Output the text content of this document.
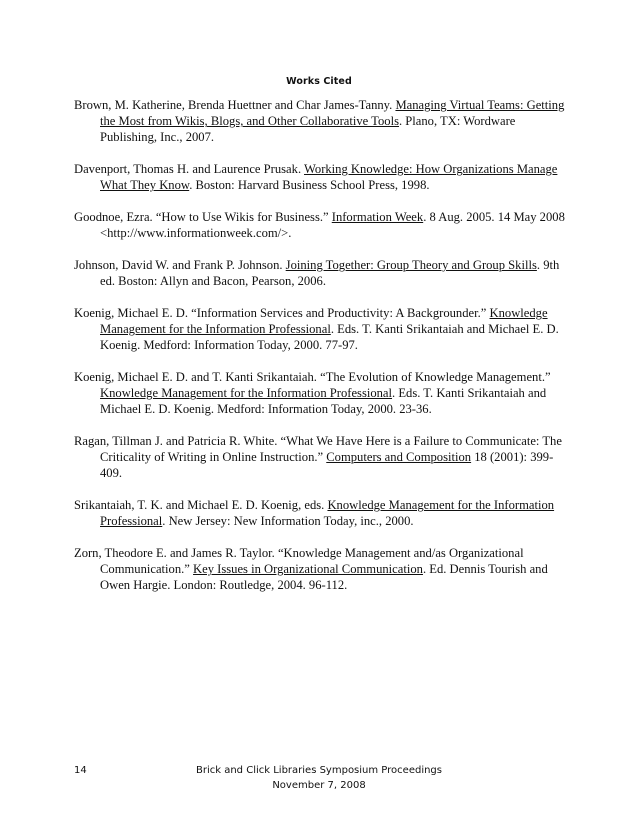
Works Cited

Brown, M. Katherine, Brenda Huettner and Char James-Tanny. Managing Virtual Teams: Getting the Most from Wikis, Blogs, and Other Collaborative Tools. Plano, TX: Wordware Publishing, Inc., 2007.

Davenport, Thomas H. and Laurence Prusak. Working Knowledge: How Organizations Manage What They Know. Boston: Harvard Business School Press, 1998.

Goodnoe, Ezra. “How to Use Wikis for Business.” Information Week. 8 Aug. 2005. 14 May 2008 <http://www.informationweek.com/>.

Johnson, David W. and Frank P. Johnson. Joining Together: Group Theory and Group Skills. 9th ed. Boston: Allyn and Bacon, Pearson, 2006.

Koenig, Michael E. D. “Information Services and Productivity: A Backgrounder.” Knowledge Management for the Information Professional. Eds. T. Kanti Srikantaiah and Michael E. D. Koenig. Medford: Information Today, 2000. 77-97.

Koenig, Michael E. D. and T. Kanti Srikantaiah. “The Evolution of Knowledge Management.” Knowledge Management for the Information Professional. Eds. T. Kanti Srikantaiah and Michael E. D. Koenig. Medford: Information Today, 2000. 23-36.

Ragan, Tillman J. and Patricia R. White. “What We Have Here is a Failure to Communicate: The Criticality of Writing in Online Instruction.” Computers and Composition 18 (2001): 399-409.

Srikantaiah, T. K. and Michael E. D. Koenig, eds. Knowledge Management for the Information Professional. New Jersey: New Information Today, inc., 2000.

Zorn, Theodore E. and James R. Taylor. “Knowledge Management and/as Organizational Communication.” Key Issues in Organizational Communication. Ed. Dennis Tourish and Owen Hargie. London: Routledge, 2004. 96-112.

14	Brick and Click Libraries Symposium Proceedings
November 7, 2008
